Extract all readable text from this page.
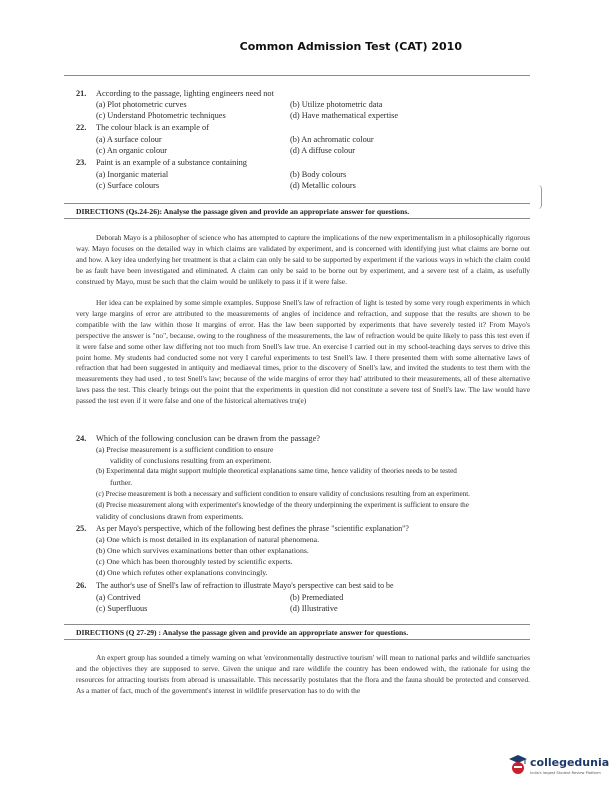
Common Admission Test (CAT) 2010
21. According to the passage, lighting engineers need not
(a) Plot photometric curves	(b) Utilize photometric data
(c) Understand Photometric techniques	(d) Have mathematical expertise
22. The colour black is an example of
(a) A surface colour	(b) An achromatic colour
(c) An organic colour	(d) A diffuse colour
23. Paint is an example of a substance containing
(a) Inorganic material	(b) Body colours
(c) Surface colours	(d) Metallic colours
DIRECTIONS (Qs.24-26): Analyse the passage given and provide an appropriate answer for questions.

Deborah Mayo is a philosopher of science who has attempted to capture the implications of the new experimentalism in a philosophically rigorous way. Mayo focuses on the detailed way in which claims are validated by experiment, and is concerned with identifying just what claims are borne out and how. A key idea underlying her treatment is that a claim can only be said to be supported by experiment if the various ways in which the claim could be as fault have been investigated and eliminated. A claim can only be said to be borne out by experiment, and a severe test of a claim, as usefully construed by Mayo, must be such that the claim would be unlikely to pass it if it were false.

Her idea can be explained by some simple examples. Suppose Snell's law of refraction of light is tested by some very rough experiments in which very large margins of error are attributed to the measurements of angles of incidence and refraction, and suppose that the results are shown to be compatible with the law within those lt margins of error. Has the law been supported by experiments that have severely tested it? From Mayo's perspective the answer is "no", because, owing to the roughness of the measurements, the law of refraction would be quite likely to pass this test even if it were false and some other law differing not too much from Snell's law true. An exercise I carried out in my school-teaching days serves to drive this point home. My students had conducted some not very I careful experiments to test Snell's law. I there presented them with some alternative laws of refraction that had been suggested in antiquity and mediaeval times, prior to the discovery of Snell's law, and invited the students to test them with the measurements they had used , to test Snell's law; because of the wide margins of error they had' attributed to their measurements, all of these alternative laws pass the test. This clearly brings out the point that the experiments in question did not constitute a severe test of Snell's law. The law would have passed the test even if it were false and one of the historical alternatives tru(e)

24. Which of the following conclusion can be drawn from the passage?
(a) Precise measurement is a sufficient condition to ensure
validity of conclusions resulting from an experiment.
(b) Experimental data might support multiple theoretical explanations same time, hence validity of theories needs to be tested
further.
(c) Precise measurement is both a necessary and sufficient condition to ensure validity of conclusions resulting from an experiment.
(d) Precise measurement along with experimenter's knowledge of the theory underpinning the experiment is sufficient to ensure the
validity of conclusions drawn from experiments.
25. As per Mayo's perspective, which of the following best defines the phrase "scientific explanation"?
(a) One which is most detailed in its explanation of natural phenomena.
(b) One which survives examinations better than other explanations.
(c) One which has been thoroughly tested by scientific experts.
(d) One which refutes other explanations convincingly.
26. The author's use of Snell's law of refraction to illustrate Mayo's perspective can best said to be
(a) Contrived	(b) Premediated
(c) Superfluous	(d) Illustrative
DIRECTIONS (Q 27-29) : Analyse the passage given and provide an appropriate answer for questions.

An expert group has sounded a timely warning on what 'environmentally destructive tourism' will mean to national parks and wildlife sanctuaries and the objectives they are supposed to serve. Given the unique and rare wildlife the country has been endowed with, the rationale for using the resources for attracting tourists from abroad is unassailable. This necessarily postulates that the flora and the fauna should be protected and conserved. As a matter of fact, much of the government's interest in wildlife preservation has to do with the

collegedunia
India's largest Student Review Platform
